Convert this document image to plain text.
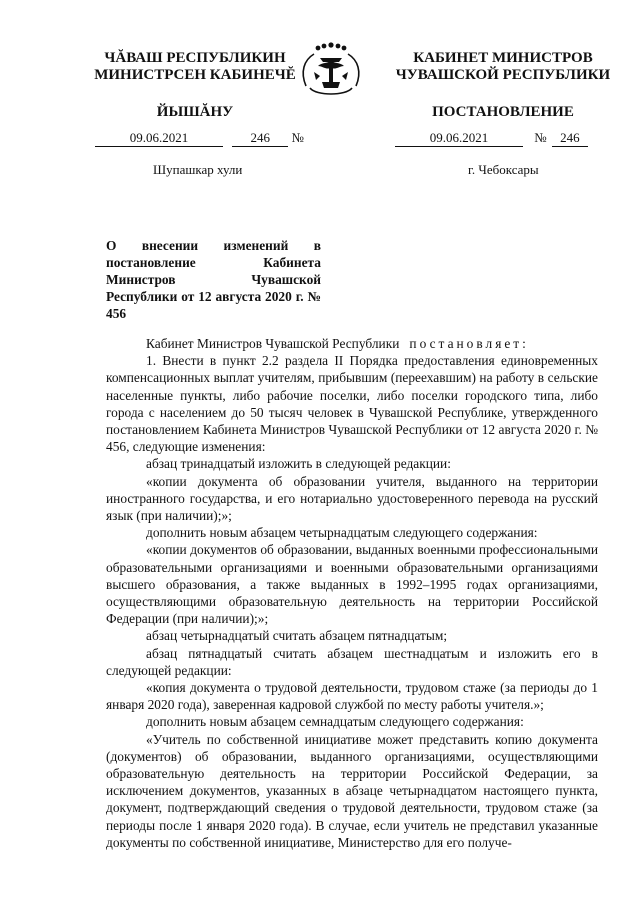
ЧĂВАШ РЕСПУБЛИКИН
МИНИСТРСЕН КАБИНЕЧĔ
ЙЫШĂНУ
КАБИНЕТ МИНИСТРОВ
ЧУВАШСКОЙ РЕСПУБЛИКИ
ПОСТАНОВЛЕНИЕ
09.06.2021	246 №	09.06.2021	№ 246
Шупашкар хули	г. Чебоксары
О внесении изменений в постановление Кабинета Министров Чувашской Республики от 12 августа 2020 г. № 456

Кабинет Министров Чувашской Республики постановляет:

1. Внести в пункт 2.2 раздела II Порядка предоставления единовременных компенсационных выплат учителям, прибывшим (переехавшим) на работу в сельские населенные пункты, либо рабочие поселки, либо поселки городского типа, либо города с населением до 50 тысяч человек в Чувашской Республике, утвержденного постановлением Кабинета Министров Чувашской Республики от 12 августа 2020 г. № 456, следующие изменения:

абзац тринадцатый изложить в следующей редакции:

«копии документа об образовании учителя, выданного на территории иностранного государства, и его нотариально удостоверенного перевода на русский язык (при наличии);»;

дополнить новым абзацем четырнадцатым следующего содержания:

«копии документов об образовании, выданных военными профессиональными образовательными организациями и военными образовательными организациями высшего образования, а также выданных в 1992–1995 годах организациями, осуществляющими образовательную деятельность на территории Российской Федерации (при наличии);»;

абзац четырнадцатый считать абзацем пятнадцатым;

абзац пятнадцатый считать абзацем шестнадцатым и изложить его в следующей редакции:

«копия документа о трудовой деятельности, трудовом стаже (за периоды до 1 января 2020 года), заверенная кадровой службой по месту работы учителя.»;

дополнить новым абзацем семнадцатым следующего содержания:

«Учитель по собственной инициативе может представить копию документа (документов) об образовании, выданного организациями, осуществляющими образовательную деятельность на территории Российской Федерации, за исключением документов, указанных в абзаце четырнадцатом настоящего пункта, документ, подтверждающий сведения о трудовой деятельности, трудовом стаже (за периоды после 1 января 2020 года). В случае, если учитель не представил указанные документы по собственной инициативе, Министерство для его получе-
